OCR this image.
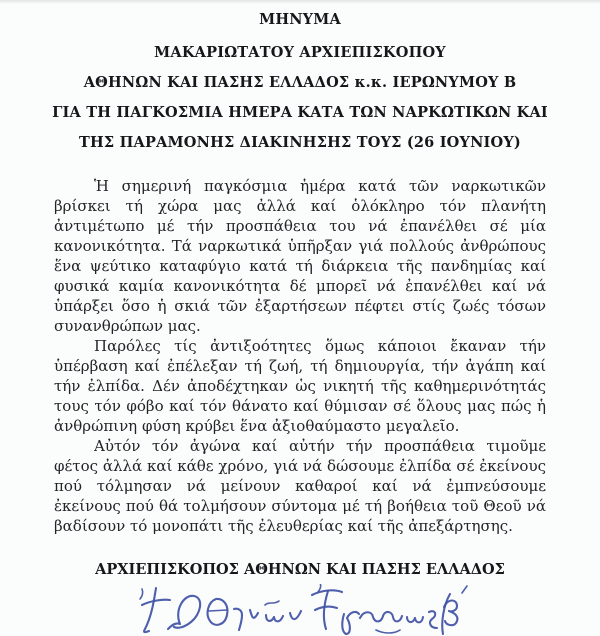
ΜΗΝΥΜΑ
ΜΑΚΑΡΙΩΤΑΤΟΥ ΑΡΧΙΕΠΙΣΚΟΠΟΥ
ΑΘΗΝΩΝ ΚΑΙ ΠΑΣΗΣ ΕΛΛΑΔΟΣ κ.κ. ΙΕΡΩΝΥΜΟΥ Β
ΓΙΑ ΤΗ ΠΑΓΚΟΣΜΙΑ ΗΜΕΡΑ ΚΑΤΑ ΤΩΝ ΝΑΡΚΩΤΙΚΩΝ ΚΑΙ
ΤΗΣ ΠΑΡΑΜΟΝΗΣ ΔΙΑΚΙΝΗΣΗΣ ΤΟΥΣ (26 ΙΟΥΝΙΟΥ)

Ἡ σημερινή παγκόσμια ἡμέρα κατά τῶν ναρκωτικῶν βρίσκει τή χώρα μας ἀλλά καί ὁλόκληρο τόν πλανήτη ἀντιμέτωπο μέ τήν προσπάθεια του νά ἐπανέλθει σέ μία κανονικότητα. Τά ναρκωτικά ὑπῆρξαν γιά πολλούς ἀνθρώπους ἕνα ψεύτικο καταφύγιο κατά τή διάρκεια τῆς πανδημίας καί φυσικά καμία κανονικότητα δέ μπορεῖ νά ἐπανέλθει καί νά ὑπάρξει ὅσο ἡ σκιά τῶν ἐξαρτήσεων πέφτει στίς ζωές τόσων συνανθρώπων μας.

Παρόλες τίς ἀντιξοότητες ὅμως κάποιοι ἔκαναν τήν ὑπέρβαση καί ἐπέλεξαν τή ζωή, τή δημιουργία, τήν ἀγάπη καί τήν ἐλπίδα. Δέν ἀποδέχτηκαν ὡς νικητή τῆς καθημερινότητάς τους τόν φόβο καί τόν θάνατο καί θύμισαν σέ ὅλους μας πώς ἡ ἀνθρώπινη φύση κρύβει ἕνα ἀξιοθαύμαστο μεγαλεῖο.

Αὐτόν τόν ἀγώνα καί αὐτήν τήν προσπάθεια τιμοῦμε φέτος ἀλλά καί κάθε χρόνο, γιά νά δώσουμε ἐλπίδα σέ ἐκείνους πού τόλμησαν νά μείνουν καθαροί καί νά ἐμπνεύσουμε ἐκείνους πού θά τολμήσουν σύντομα μέ τή βοήθεια τοῦ Θεοῦ νά βαδίσουν τό μονοπάτι τῆς ἐλευθερίας καί τῆς ἀπεξάρτησης.

ΑΡΧΙΕΠΙΣΚΟΠΟΣ ΑΘΗΝΩΝ ΚΑΙ ΠΑΣΗΣ ΕΛΛΑΔΟΣ
